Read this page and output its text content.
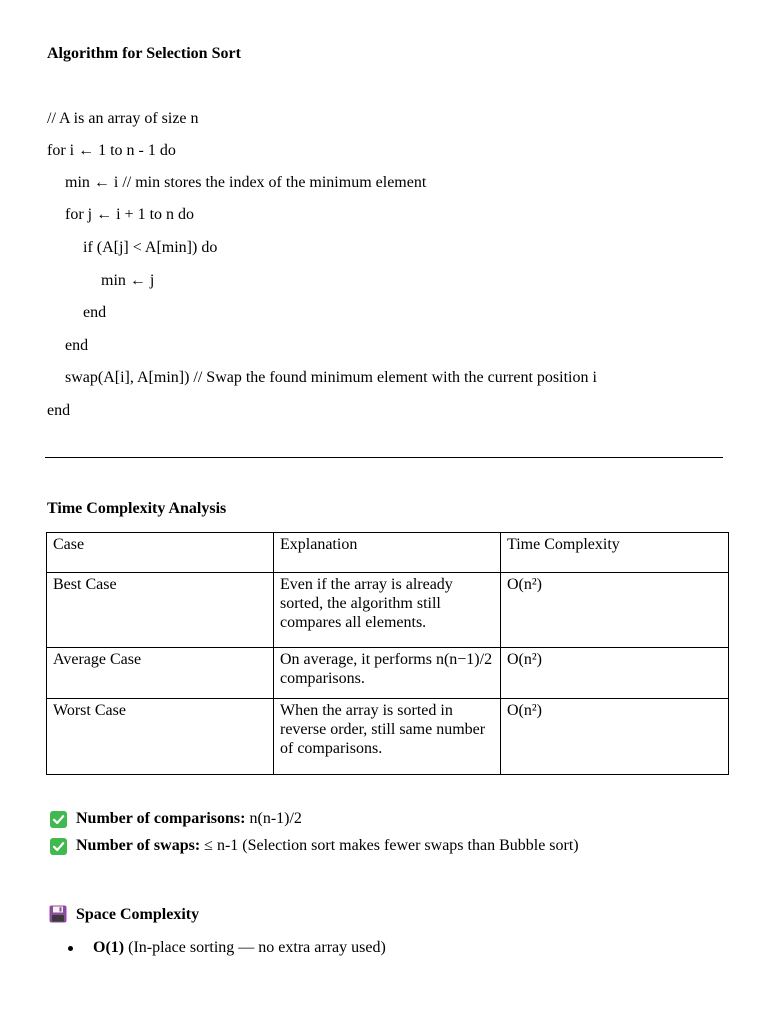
Algorithm for Selection Sort
// A is an array of size n
for i ← 1 to n - 1 do
min ← i // min stores the index of the minimum element
for j ← i + 1 to n do
if (A[j] < A[min]) do
min ← j
end
end
swap(A[i], A[min]) // Swap the found minimum element with the current position i
end
Time Complexity Analysis
Case	Explanation	Time Complexity
Best Case	Even if the array is already sorted, the algorithm still compares all elements.	O(n²)
Average Case	On average, it performs n(n−1)/2 comparisons.	O(n²)
Worst Case	When the array is sorted in reverse order, still same number of comparisons.	O(n²)
Number of comparisons: n(n-1)/2
Number of swaps: ≤ n-1 (Selection sort makes fewer swaps than Bubble sort)
Space Complexity
O(1) (In-place sorting — no extra array used)
